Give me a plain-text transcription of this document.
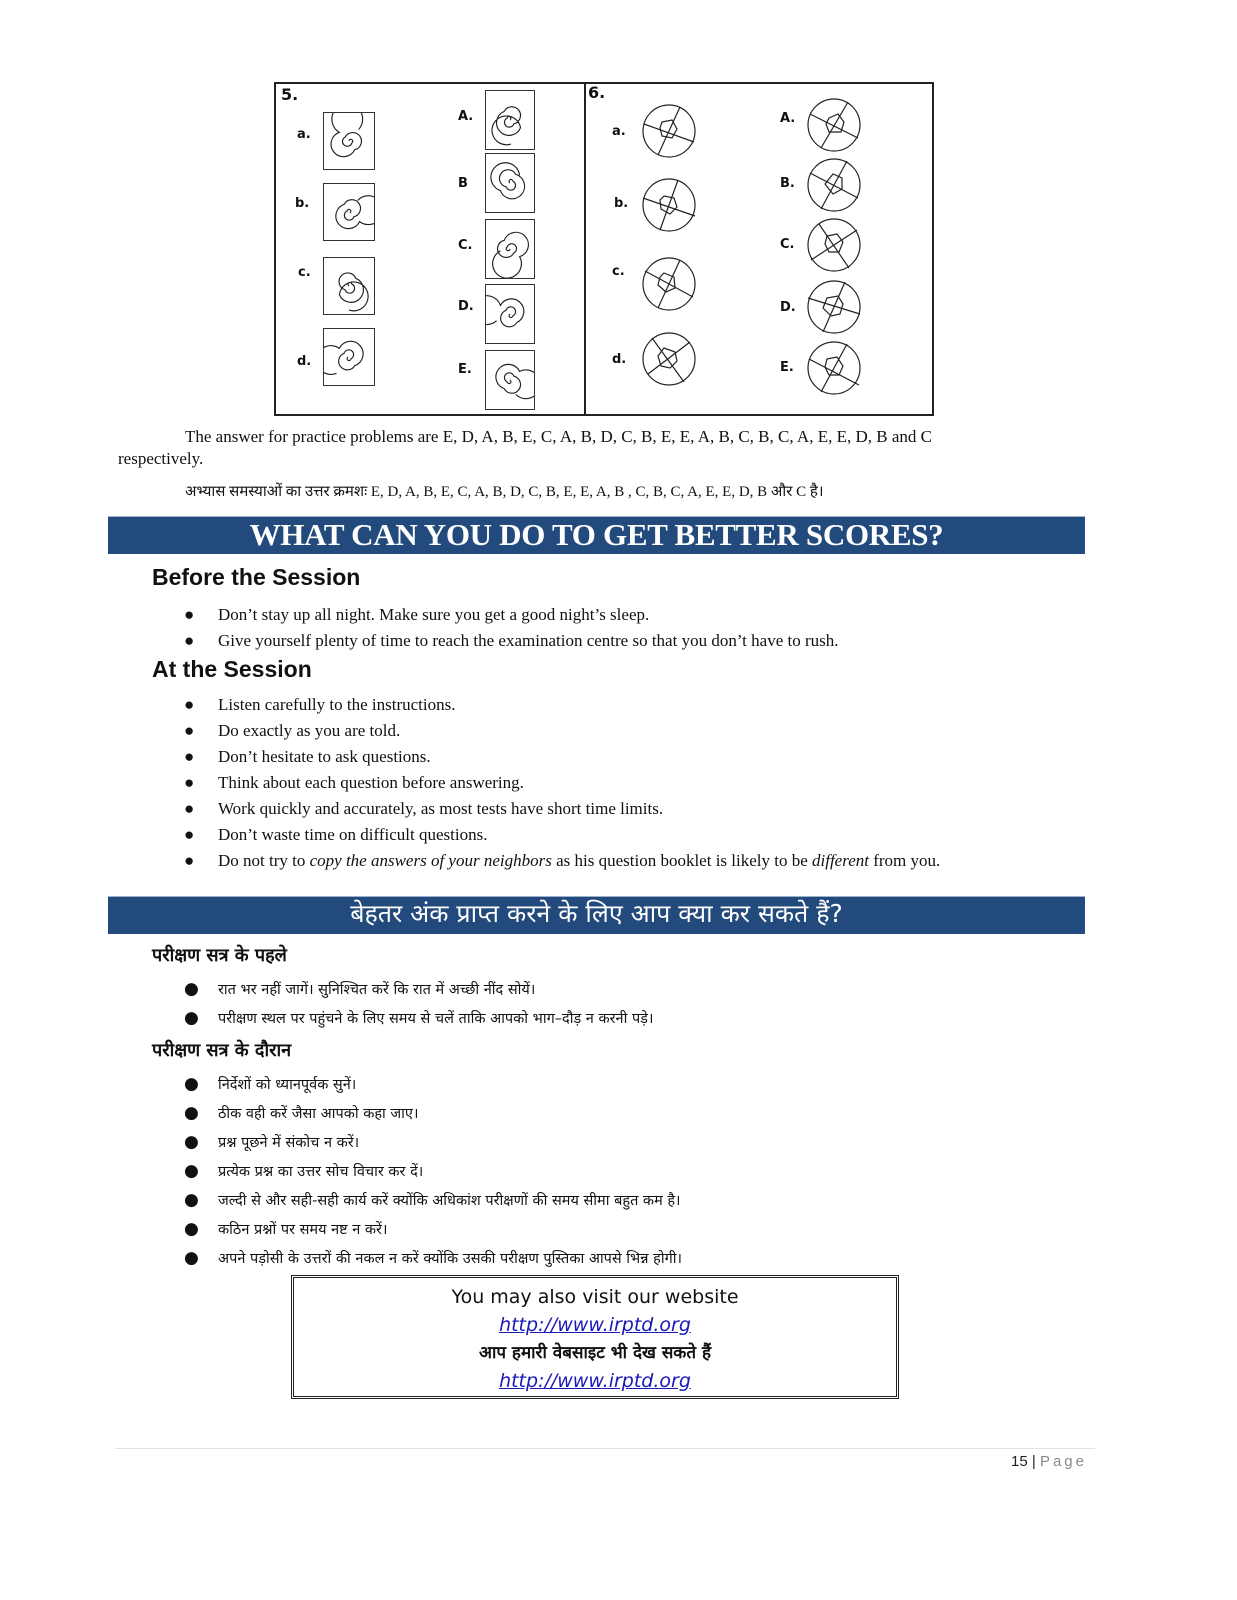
5.
a.
b.
c.
d.
A.
B
C.
D.
E.
6.
a.
b.
c.
d.
A.
B.
C.
D.
E.
The answer for practice problems are E, D, A, B, E, C, A, B, D, C, B, E, E, A, B, C, B, C, A, E, E, D, B and C
respectively.
अभ्यास समस्याओं का उत्तर क्रमशः E, D, A, B, E, C, A, B, D, C, B, E, E, A, B , C, B, C, A, E, E, D, B और C है।
WHAT CAN YOU DO TO GET BETTER SCORES?
Before the Session
● Don’t stay up all night. Make sure you get a good night’s sleep.
● Give yourself plenty of time to reach the examination centre so that you don’t have to rush.
At the Session
● Listen carefully to the instructions.
● Do exactly as you are told.
● Don’t hesitate to ask questions.
● Think about each question before answering.
● Work quickly and accurately, as most tests have short time limits.
● Don’t waste time on difficult questions.
● Do not try to copy the answers of your neighbors as his question booklet is likely to be different from you.
बेहतर अंक प्राप्त करने के लिए आप क्या कर सकते हैं?
परीक्षण सत्र के पहले
● रात भर नहीं जागें। सुनिश्चित करें कि रात में अच्छी नींद सोयें।
● परीक्षण स्थल पर पहुंचने के लिए समय से चलें ताकि आपको भाग–दौड़ न करनी पड़े।
परीक्षण सत्र के दौरान
● निर्देशों को ध्यानपूर्वक सुनें।
● ठीक वही करें जैसा आपको कहा जाए।
● प्रश्न पूछने में संकोच न करें।
● प्रत्येक प्रश्न का उत्तर सोच विचार कर दें।
● जल्दी से और सही-सही कार्य करें क्योंकि अधिकांश परीक्षणों की समय सीमा बहुत कम है।
● कठिन प्रश्नों पर समय नष्ट न करें।
● अपने पड़ोसी के उत्तरों की नकल न करें क्योंकि उसकी परीक्षण पुस्तिका आपसे भिन्न होगी।
You may also visit our website
http://www.irptd.org
आप हमारी वेबसाइट भी देख सकते हैं
http://www.irptd.org
15 | Page
